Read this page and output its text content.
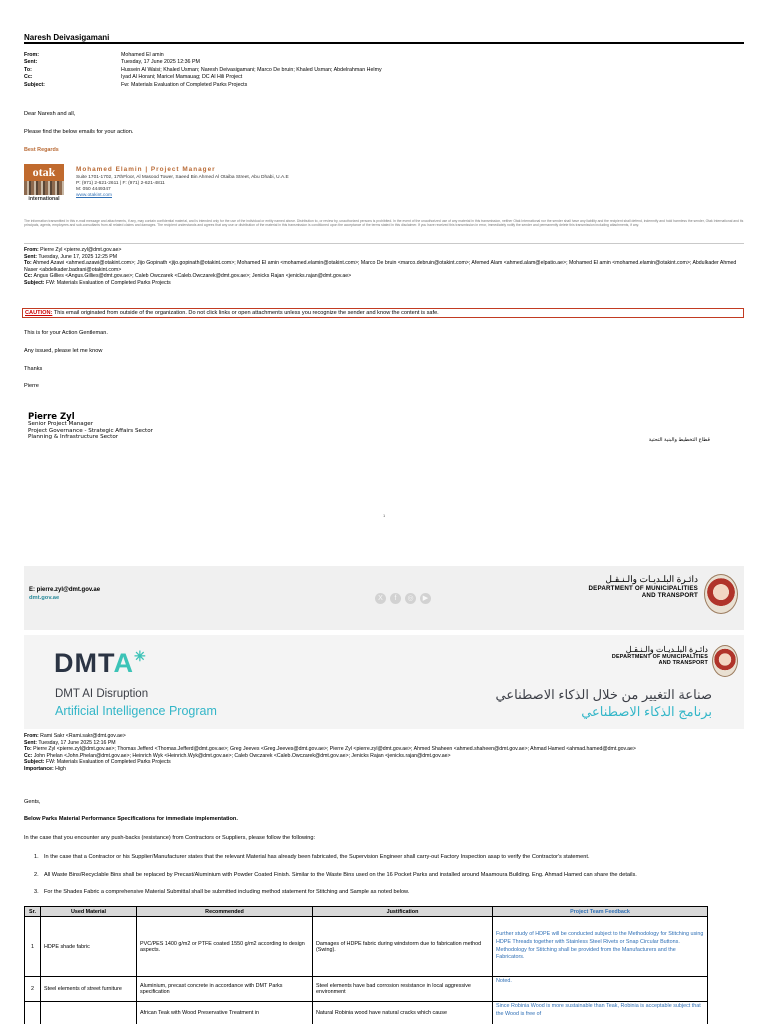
Naresh Deivasigamani
From:	Mohamed El amin
Sent:	Tuesday, 17 June 2025 12:36 PM
To:	Hussein Al Waisi; Khaled Usman; Naresh Deivasigamani; Marco De bruin; Khaled Usman; Abdelrahman Helmy
Cc:	Iyad Al Horani; Maricel Mamauag; DC Al Hili Project
Subject:	Fw: Materials Evaluation of Completed Parks Projects
Dear Naresh and all,
Please find the below emails for your action.
Best Regards
otak
international
Mohamed Elamin | Project Manager
Suite 1701-1702, 17thFloor, Al Masood Tower, Saeed Bin Ahmed Al Otaiba Street, Abu Dhabi, U.A.E
P: (971) 2-621-2611 | F: (971) 2-621-4811
M: 050 4449347
www.otakint.com
The information transmitted in this e-mail message and attachments, if any, may contain confidential material, and is intended only for the use of the individual or entity named above. Distribution to, or review by, unauthorized persons is prohibited. In the event of the unauthorized use of any material in this transmission, neither Otak International nor the sender shall have any liability and the recipient shall defend, indemnify and hold harmless the sender, Otak International and its principals, agents, employees and sub-consultants from all related claims and damages. The recipient understands and agrees that any use or distribution of the material in this transmission is conditioned upon the acceptance of the terms stated in this disclaimer. If you have received this transmission in error, immediately notify the sender and permanently delete this transmission including attachments, if any.
From: Pierre Zyl <pierre.zyl@dmt.gov.ae>
Sent: Tuesday, June 17, 2025 12:25 PM
To: Ahmed Azawi <ahmed.azawi@otakint.com>; Jijo Gopinath <jijo.gopinath@otakint.com>; Mohamed El amin <mohamed.elamin@otakint.com>; Marco De bruin <marco.debruin@otakint.com>; Afemed Alam <ahmed.alam@elpatio.ae>; Mohamed El amin <mohamed.elamin@otakint.com>; Abdulkader Ahmed Naser <abdelkader.badrani@otakint.com>
Cc: Angus Gillies <Angus.Gillies@dmt.gov.ae>; Caleb Owczarek <Caleb.Owczarek@dmt.gov.ae>; Jenicks Rajan <jenicks.rajan@dmt.gov.ae>
Subject: FW: Materials Evaluation of Completed Parks Projects
CAUTION: This email originated from outside of the organization. Do not click links or open attachments unless you recognize the sender and know the content is safe.
This is for your Action Gentleman.
Any issued, please let me know
Thanks
Pierre
Pierre Zyl
Senior Project Manager
Project Governance - Strategic Affairs Sector
Planning & Infrastructure Sector	قطاع التخطيط والبنية التحتية
1
E: pierre.zyl@dmt.gov.ae
dmt.gov.ae	X	f	◎	▶
دائـرة البلـديـات والـنـقـل
DEPARTMENT OF MUNICIPALITIES
AND TRANSPORT
DMTA✳
DMT AI Disruption
Artificial Intelligence Program
صناعة التغيير من خلال الذكاء الاصطناعي
برنامج الذكاء الاصطناعي
دائـرة البلـديـات والـنـقـل
DEPARTMENT OF MUNICIPALITIES
AND TRANSPORT
From: Rami Sakr <Rami.sakr@dmt.gov.ae>
Sent: Tuesday, 17 June 2025 12:16 PM
To: Pierre Zyl <pierre.zyl@dmt.gov.ae>; Thomas Jefferd <Thomas.Jefferd@dmt.gov.ae>; Greg Jeeves <Greg.Jeeves@dmt.gov.ae>; Pierre Zyl <pierre.zyl@dmt.gov.ae>; Ahmed Shaheen <ahmed.shaheen@dmt.gov.ae>; Ahmad Hamed <ahmad.hamed@dmt.gov.ae>
Cc: John Phelan <John.Phelan@dmt.gov.ae>; Heinrich Wyk <Heinrich.Wyk@dmt.gov.ae>; Caleb Owczarek <Caleb.Owczarek@dmt.gov.ae>; Jenicks Rajan <jenicks.rajan@dmt.gov.ae>
Subject: FW: Materials Evaluation of Completed Parks Projects
Importance: High
Gents,
Below Parks Material Performance Specifications for immediate implementation.
In the case that you encounter any push-backs (resistance) from Contractors or Suppliers, please follow the following:
1. In the case that a Contractor or his Supplier/Manufacturer states that the relevant Material has already been fabricated, the Supervision Engineer shall carry-out Factory Inspection asap to verify the Contractor's statement.
2. All Waste Bins/Recyclable Bins shall be replaced by Precast/Aluminium with Powder Coated Finish. Similar to the Waste Bins used on the 16 Pocket Parks and installed around Maamoura Building. Eng. Ahmad Hamed can share the details.
3. For the Shades Fabric a comprehensive Material Submittal shall be submitted including method statement for Stitching and Sample as noted below.
Sr.	Used Material	Recommended	Justification	Project Team Feedback
1	HDPE shade fabric	PVC/PES 1400 g/m2 or PTFE coated 1550 g/m2 according to design aspects.	Damages of HDPE fabric during windstorm due to fabrication method (Swing).	Further study of HDPE will be conducted subject to the Methodology for Stitching using HDPE Threads together with Stainless Steel Rivets or Snap Circular Buttons. Methodology for Stitching shall be provided from the Manufacturers and the Fabricators.
2	Steel elements of street furniture	Aluminium, precast concrete in accordance with DMT Parks specification	Steel elements have bad corrosion resistance in local aggressive environment	Noted.
		African Teak with Wood Preservative Treatment in	Natural Robinia wood have natural cracks which cause	Since Robinia Wood is more sustainable than Teak, Robinia is acceptable subject that the Wood is free of
